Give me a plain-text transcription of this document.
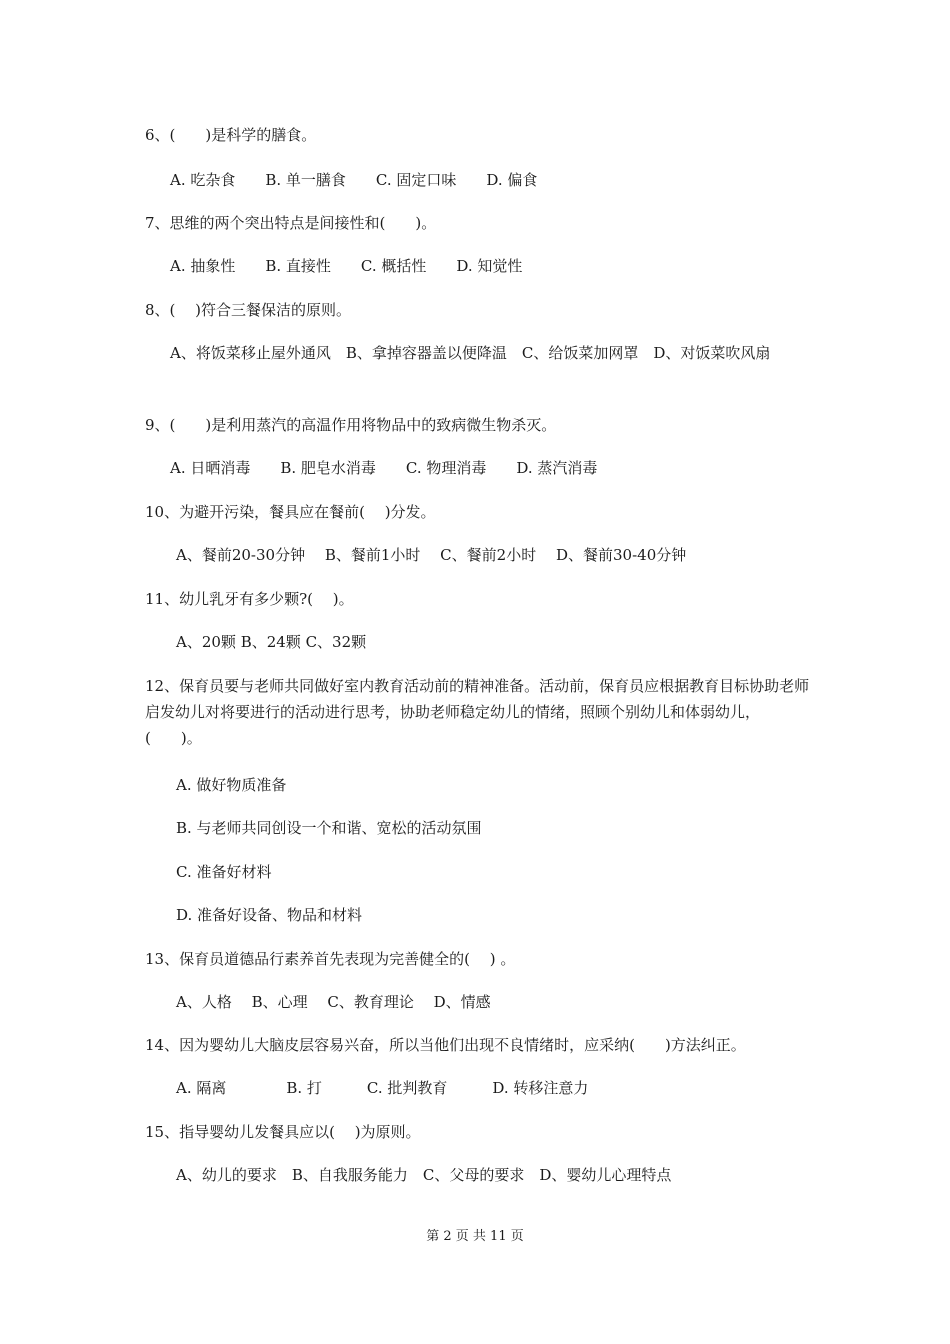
6、(　　)是科学的膳食。
A. 吃杂食　　B. 单一膳食　　C. 固定口味　　D. 偏食
7、思维的两个突出特点是间接性和(　　)。
A. 抽象性　　B. 直接性　　C. 概括性　　D. 知觉性
8、(　 )符合三餐保洁的原则。
A、将饭菜移止屋外通风　B、拿掉容器盖以便降温　C、给饭菜加网罩　D、对饭菜吹风扇
9、(　　)是利用蒸汽的高温作用将物品中的致病微生物杀灭。
A. 日晒消毒　　B. 肥皂水消毒　　C. 物理消毒　　D. 蒸汽消毒
10、为避开污染，餐具应在餐前(　 )分发。
A、餐前20-30分钟　 B、餐前1小时　 C、餐前2小时　 D、餐前30-40分钟
11、幼儿乳牙有多少颗?(　 )。
A、20颗 B、24颗 C、32颗
12、保育员要与老师共同做好室内教育活动前的精神准备。活动前，保育员应根据教育目标协助老师启发幼儿对将要进行的活动进行思考，协助老师稳定幼儿的情绪，照顾个别幼儿和体弱幼儿，(　　)。
A. 做好物质准备
B. 与老师共同创设一个和谐、宽松的活动氛围
C. 准备好材料
D. 准备好设备、物品和材料
13、保育员道德品行素养首先表现为完善健全的(　 ) 。
A、人格　 B、心理　 C、教育理论　 D、情感
14、因为婴幼儿大脑皮层容易兴奋，所以当他们出现不良情绪时，应采纳(　　)方法纠正。
A. 隔离　　　　B. 打　　　C. 批判教育　　　D. 转移注意力
15、指导婴幼儿发餐具应以(　 )为原则。
A、幼儿的要求　B、自我服务能力　C、父母的要求　D、婴幼儿心理特点
第 2 页 共 11 页
